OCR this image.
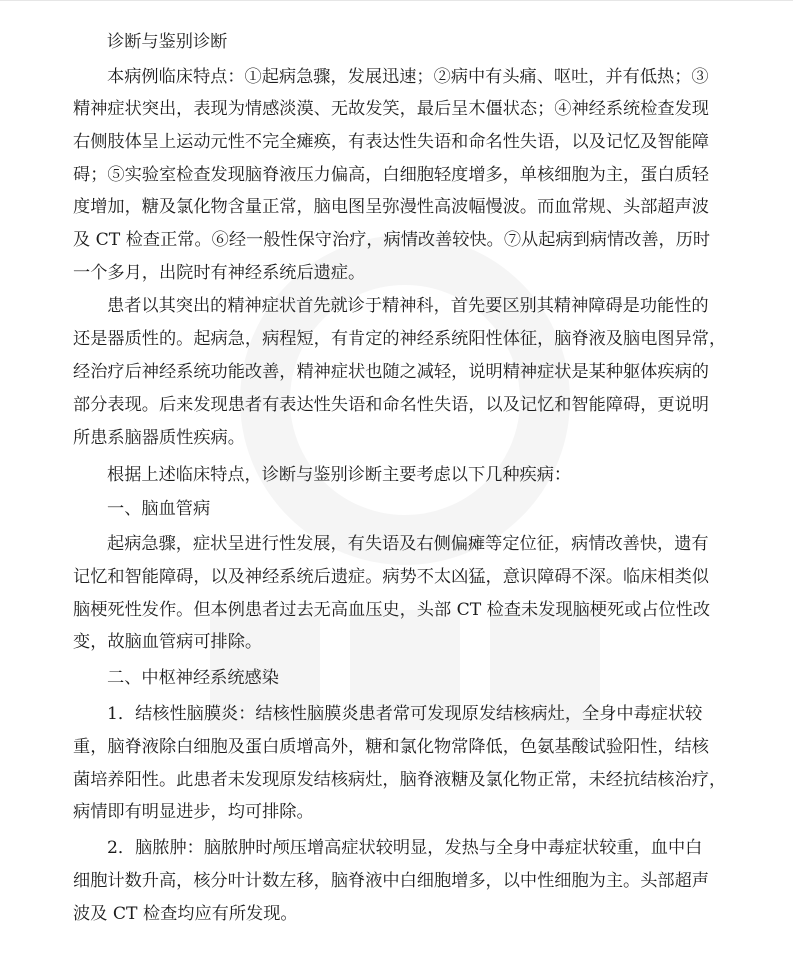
诊断与鉴别诊断
本病例临床特点：①起病急骤，发展迅速；②病中有头痛、呕吐，并有低热；③
精神症状突出，表现为情感淡漠、无故发笑，最后呈木僵状态；④神经系统检查发现
右侧肢体呈上运动元性不完全瘫痪，有表达性失语和命名性失语，以及记忆及智能障
碍；⑤实验室检查发现脑脊液压力偏高，白细胞轻度增多，单核细胞为主，蛋白质轻
度增加，糖及氯化物含量正常，脑电图呈弥漫性高波幅慢波。而血常规、头部超声波
及 CT 检查正常。⑥经一般性保守治疗，病情改善较快。⑦从起病到病情改善，历时
一个多月，出院时有神经系统后遗症。
患者以其突出的精神症状首先就诊于精神科，首先要区别其精神障碍是功能性的
还是器质性的。起病急，病程短，有肯定的神经系统阳性体征，脑脊液及脑电图异常，
经治疗后神经系统功能改善，精神症状也随之减轻，说明精神症状是某种躯体疾病的
部分表现。后来发现患者有表达性失语和命名性失语，以及记忆和智能障碍，更说明
所患系脑器质性疾病。
根据上述临床特点，诊断与鉴别诊断主要考虑以下几种疾病：
一、脑血管病
起病急骤，症状呈进行性发展，有失语及右侧偏瘫等定位征，病情改善快，遗有
记忆和智能障碍，以及神经系统后遗症。病势不太凶猛，意识障碍不深。临床相类似
脑梗死性发作。但本例患者过去无高血压史，头部 CT 检查未发现脑梗死或占位性改
变，故脑血管病可排除。
二、中枢神经系统感染
1．结核性脑膜炎：结核性脑膜炎患者常可发现原发结核病灶，全身中毒症状较
重，脑脊液除白细胞及蛋白质增高外，糖和氯化物常降低，色氨基酸试验阳性，结核
菌培养阳性。此患者未发现原发结核病灶，脑脊液糖及氯化物正常，未经抗结核治疗，
病情即有明显进步，均可排除。
2．脑脓肿：脑脓肿时颅压增高症状较明显，发热与全身中毒症状较重，血中白
细胞计数升高，核分叶计数左移，脑脊液中白细胞增多，以中性细胞为主。头部超声
波及 CT 检查均应有所发现。
